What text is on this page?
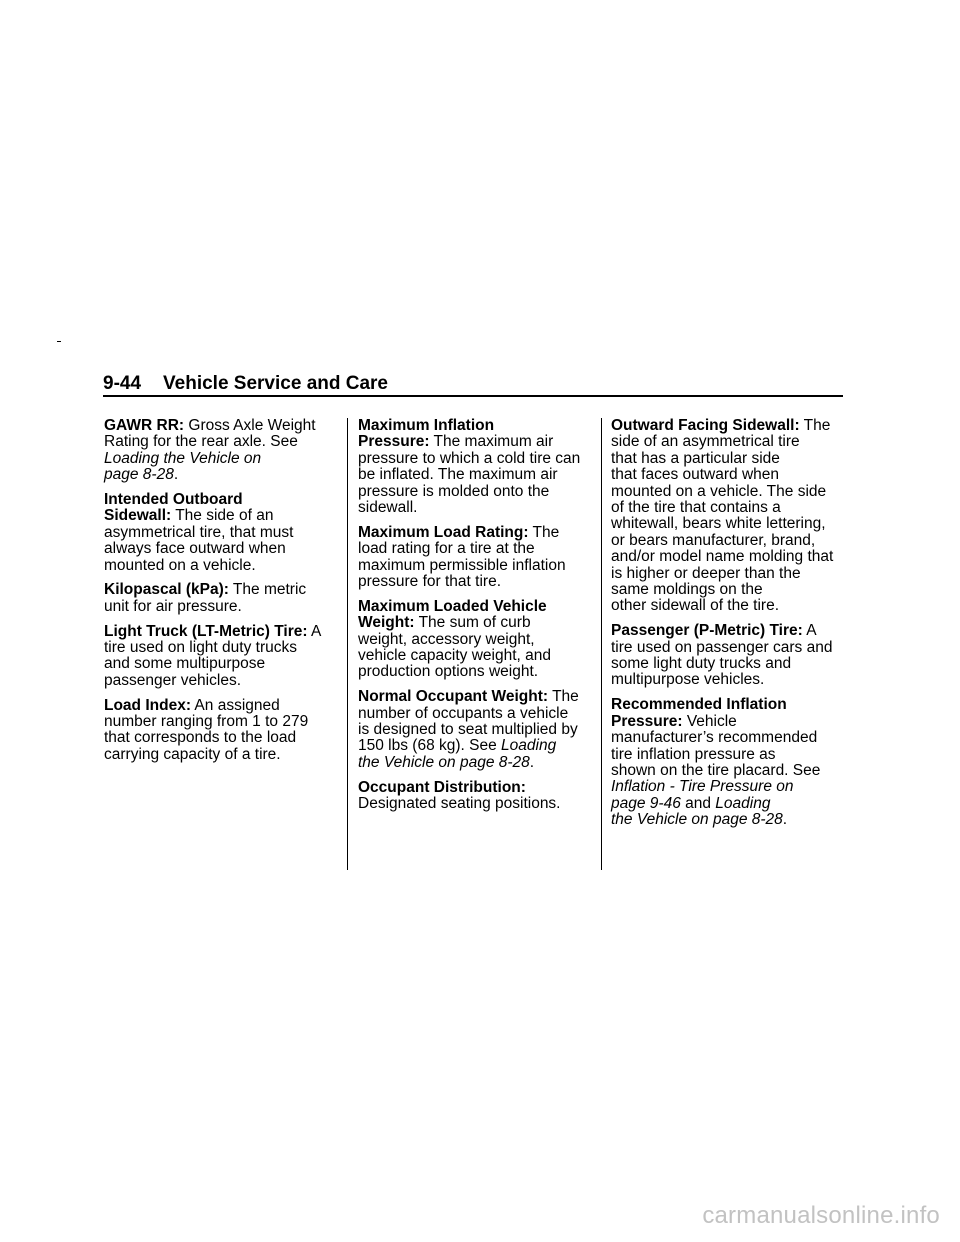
9-44 Vehicle Service and Care
GAWR RR: Gross Axle Weight
Rating for the rear axle. See
Loading the Vehicle on
page 8-28.
Intended Outboard
Sidewall: The side of an
asymmetrical tire, that must
always face outward when
mounted on a vehicle.
Kilopascal (kPa): The metric
unit for air pressure.
Light Truck (LT-Metric) Tire: A
tire used on light duty trucks
and some multipurpose
passenger vehicles.
Load Index: An assigned
number ranging from 1 to 279
that corresponds to the load
carrying capacity of a tire.
Maximum Inflation
Pressure: The maximum air
pressure to which a cold tire can
be inflated. The maximum air
pressure is molded onto the
sidewall.
Maximum Load Rating: The
load rating for a tire at the
maximum permissible inflation
pressure for that tire.
Maximum Loaded Vehicle
Weight: The sum of curb
weight, accessory weight,
vehicle capacity weight, and
production options weight.
Normal Occupant Weight: The
number of occupants a vehicle
is designed to seat multiplied by
150 lbs (68 kg). See Loading
the Vehicle on page 8-28.
Occupant Distribution:
Designated seating positions.
Outward Facing Sidewall: The
side of an asymmetrical tire
that has a particular side
that faces outward when
mounted on a vehicle. The side
of the tire that contains a
whitewall, bears white lettering,
or bears manufacturer, brand,
and/or model name molding that
is higher or deeper than the
same moldings on the
other sidewall of the tire.
Passenger (P-Metric) Tire: A
tire used on passenger cars and
some light duty trucks and
multipurpose vehicles.
Recommended Inflation
Pressure: Vehicle
manufacturer’s recommended
tire inflation pressure as
shown on the tire placard. See
Inflation - Tire Pressure on
page 9-46 and Loading
the Vehicle on page 8-28.
carmanualsonline.info
